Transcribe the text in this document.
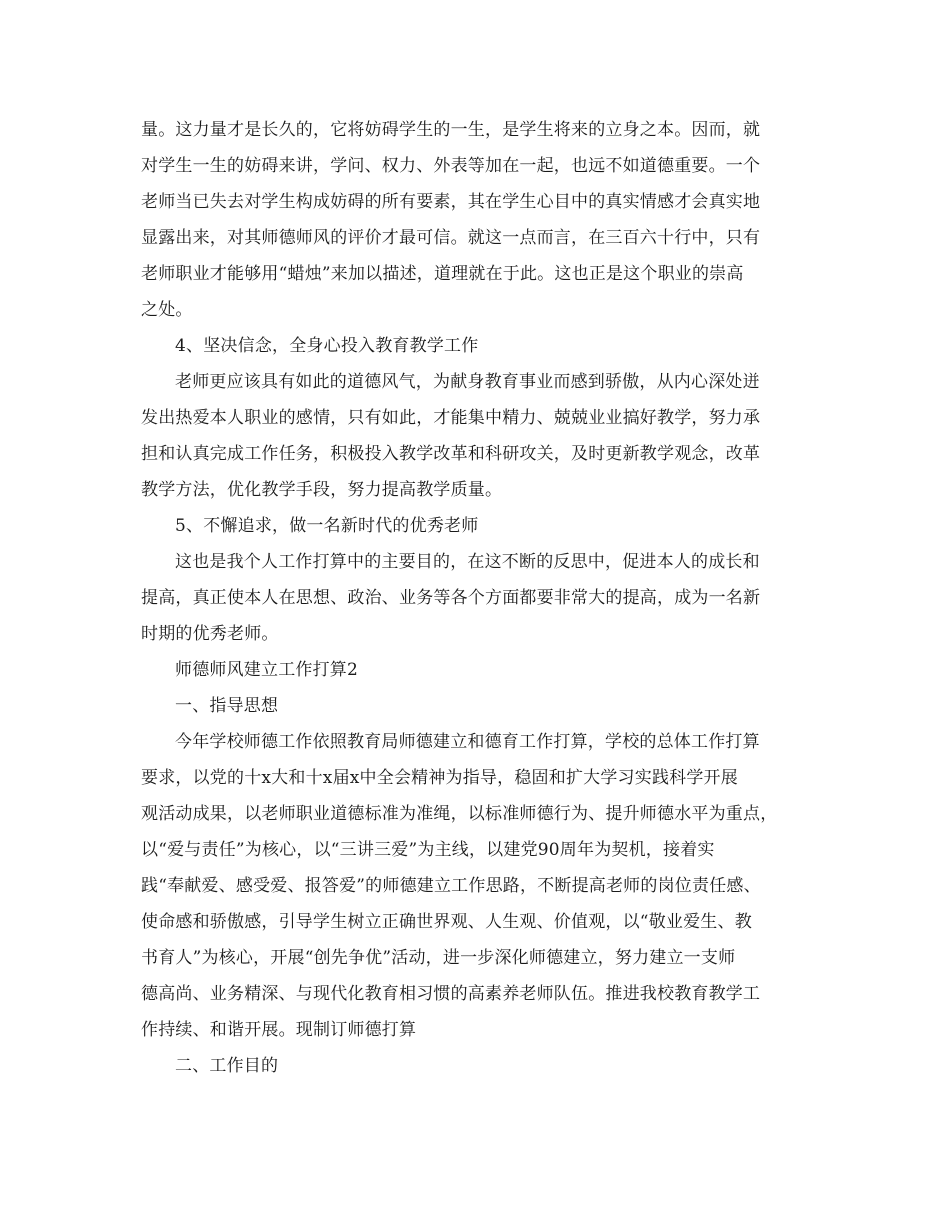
量。这力量才是长久的，它将妨碍学生的一生，是学生将来的立身之本。因而，就
对学生一生的妨碍来讲，学问、权力、外表等加在一起，也远不如道德重要。一个
老师当已失去对学生构成妨碍的所有要素，其在学生心目中的真实情感才会真实地
显露出来，对其师德师风的评价才最可信。就这一点而言，在三百六十行中，只有
老师职业才能够用“蜡烛”来加以描述，道理就在于此。这也正是这个职业的崇高
之处。
4、坚决信念，全身心投入教育教学工作
老师更应该具有如此的道德风气，为献身教育事业而感到骄傲，从内心深处迸
发出热爱本人职业的感情，只有如此，才能集中精力、兢兢业业搞好教学，努力承
担和认真完成工作任务，积极投入教学改革和科研攻关，及时更新教学观念，改革
教学方法，优化教学手段，努力提高教学质量。
5、不懈追求，做一名新时代的优秀老师
这也是我个人工作打算中的主要目的，在这不断的反思中，促进本人的成长和
提高，真正使本人在思想、政治、业务等各个方面都要非常大的提高，成为一名新
时期的优秀老师。
师德师风建立工作打算2
一、指导思想
今年学校师德工作依照教育局师德建立和德育工作打算，学校的总体工作打算
要求，以党的十x大和十x届x中全会精神为指导，稳固和扩大学习实践科学开展
观活动成果，以老师职业道德标准为准绳，以标准师德行为、提升师德水平为重点，
以“爱与责任”为核心，以“三讲三爱”为主线，以建党90周年为契机，接着实
践“奉献爱、感受爱、报答爱”的师德建立工作思路，不断提高老师的岗位责任感、
使命感和骄傲感，引导学生树立正确世界观、人生观、价值观，以“敬业爱生、教
书育人”为核心，开展“创先争优”活动，进一步深化师德建立，努力建立一支师
德高尚、业务精深、与现代化教育相习惯的高素养老师队伍。推进我校教育教学工
作持续、和谐开展。现制订师德打算
二、工作目的
